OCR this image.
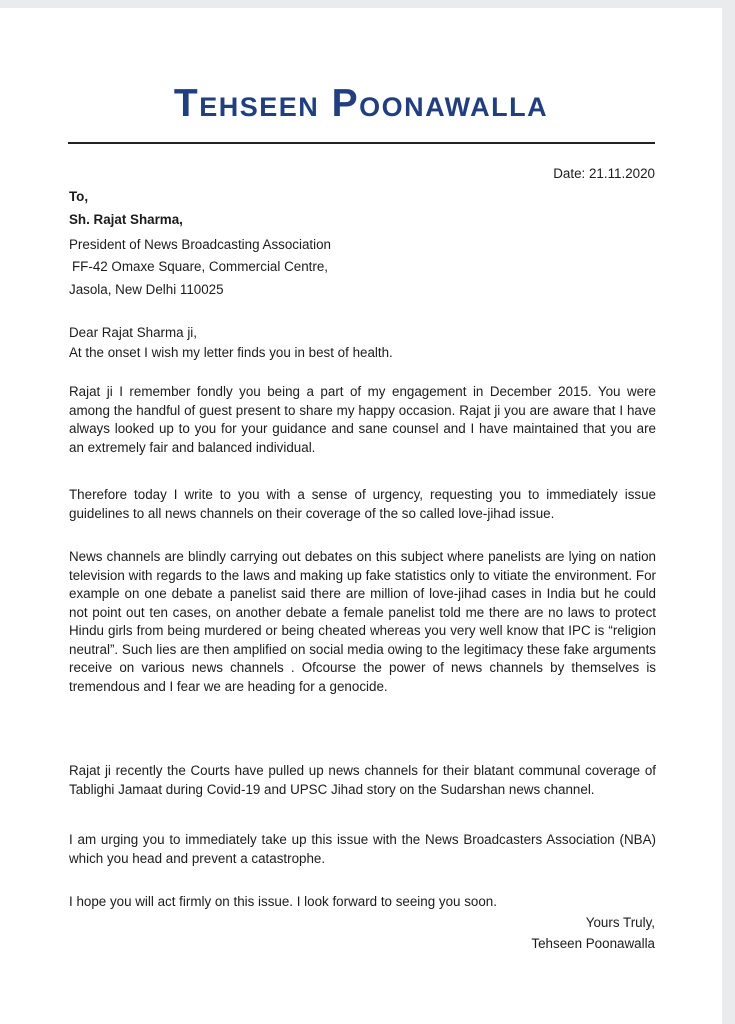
Tehseen Poonawalla
Date: 21.11.2020
To,
Sh. Rajat Sharma,
President of News Broadcasting Association
FF-42 Omaxe Square, Commercial Centre,
Jasola, New Delhi 110025
Dear Rajat Sharma ji,
At the onset I wish my letter finds you in best of health.
Rajat ji I remember fondly you being a part of my engagement in December 2015. You were among the handful of guest present to share my happy occasion. Rajat ji you are aware that I have always looked up to you for your guidance and sane counsel and I have maintained that you are an extremely fair and balanced individual.
Therefore today I write to you with a sense of urgency, requesting you to immediately issue guidelines to all news channels on their coverage of the so called love-jihad issue.
News channels are blindly carrying out debates on this subject where panelists are lying on nation television with regards to the laws and making up fake statistics only to vitiate the environment. For example on one debate a panelist said there are million of love-jihad cases in India but he could not point out ten cases, on another debate a female panelist told me there are no laws to protect Hindu girls from being murdered or being cheated whereas you very well know that IPC is “religion neutral”. Such lies are then amplified on social media owing to the legitimacy these fake arguments receive on various news channels . Ofcourse the power of news channels by themselves is tremendous and I fear we are heading for a genocide.
Rajat ji recently the Courts have pulled up news channels for their blatant communal coverage of Tablighi Jamaat during Covid-19 and UPSC Jihad story on the Sudarshan news channel.
I am urging you to immediately take up this issue with the News Broadcasters Association (NBA) which you head and prevent a catastrophe.
I hope you will act firmly on this issue. I look forward to seeing you soon.
Yours Truly,
Tehseen Poonawalla
